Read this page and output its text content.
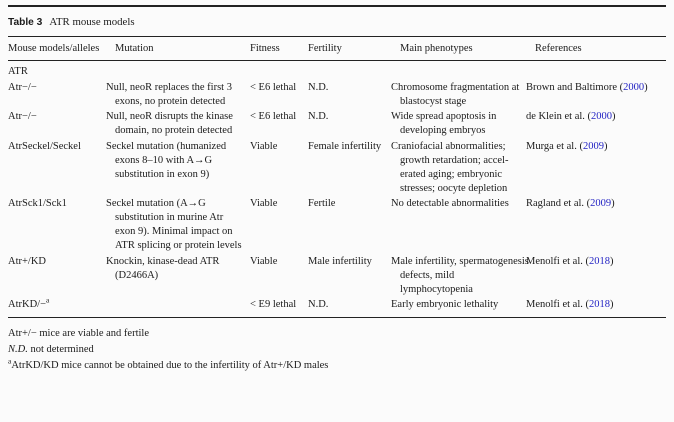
Table 3 ATR mouse models
Mouse models/alleles	Mutation	Fitness	Fertility	Main phenotypes	References
ATR					
Atr−/−	Null, neoR replaces the first 3 exons, no protein detected	< E6 lethal	N.D.	Chromosome fragmentation at blastocyst stage	Brown and Baltimore (2000)
Atr−/−	Null, neoR disrupts the kinase domain, no protein detected	< E6 lethal	N.D.	Wide spread apoptosis in developing embryos	de Klein et al. (2000)
AtrSeckel/Seckel	Seckel mutation (humanized exons 8–10 with A→G substitution in exon 9)	Viable	Female infertility	Craniofacial abnormalities; growth retardation; accelerated aging; embryonic stresses; oocyte depletion	Murga et al. (2009)
AtrSck1/Sck1	Seckel mutation (A→G substitution in murine Atr exon 9). Minimal impact on ATR splicing or protein levels	Viable	Fertile	No detectable abnormalities	Ragland et al. (2009)
Atr+/KD	Knockin, kinase-dead ATR (D2466A)	Viable	Male infertility	Male infertility, spermatogenesis defects, mild lymphocytopenia	Menolfi et al. (2018)
AtrKD/−$^a$		< E9 lethal	N.D.	Early embryonic lethality	Menolfi et al. (2018)
Atr+/− mice are viable and fertile
N.D. not determined
$^a$AtrKD/KD mice cannot be obtained due to the infertility of Atr+/KD males
